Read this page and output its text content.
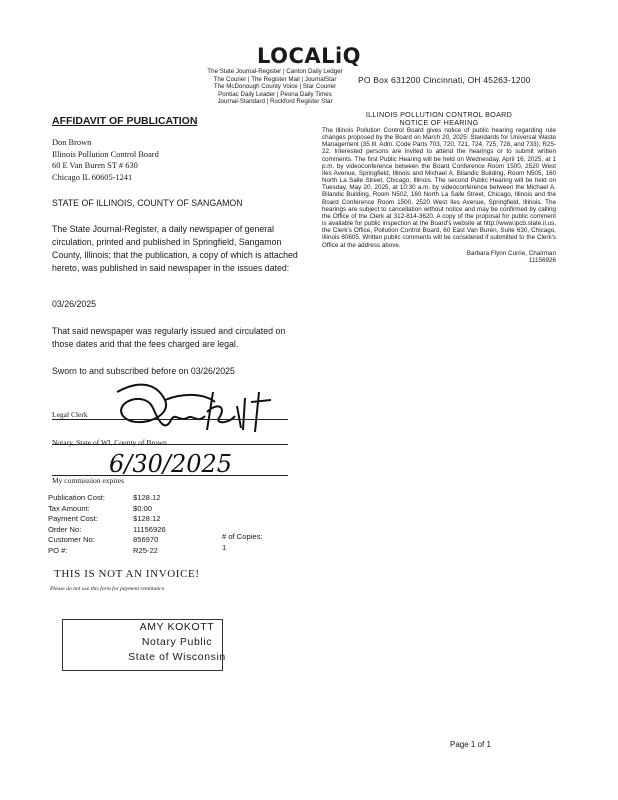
LOCALiQ
The State Journal-Register | Canton Daily Ledger
The Courier | The Register Mail | JournalStar
The McDonough County Voice | Star Courier
Pontiac Daily Leader | Peoria Daily Times
Journal-Standard | Rockford Register Star
PO Box 631200 Cincinnati, OH 45263-1200
AFFIDAVIT OF PUBLICATION
Don Brown
Illinois Pollution Control Board
60 E Van Buren ST # 630
Chicago IL 60605-1241
STATE OF ILLINOIS, COUNTY OF SANGAMON
The State Journal-Register, a daily newspaper of general circulation, printed and published in Springfield, Sangamon County, Illinois; that the publication, a copy of which is attached hereto, was published in said newspaper in the issues dated:
03/26/2025
That said newspaper was regularly issued and circulated on those dates and that the fees charged are legal.
Sworn to and subscribed before on 03/26/2025
6/30/2025
Legal Clerk
Notary, State of WI, County of Brown
My commission expires
Publication Cost:	$128.12
Tax Amount:	$0.00
Payment Cost:	$128.12
Order No:	11156926
Customer No:	856970
PO #:	R25-22
# of Copies:
1
THIS IS NOT AN INVOICE!
Please do not use this form for payment remittance.
AMY KOKOTT
Notary Public
State of Wisconsin
ILLINOIS POLLUTION CONTROL BOARD
NOTICE OF HEARING
The Illinois Pollution Control Board gives notice of public hearing regarding rule changes proposed by the Board on March 20, 2025: Standards for Universal Waste Management (35 Ill. Adm. Code Parts 703, 720, 721, 724, 725, 728, and 733), R25-22. Interested persons are invited to attend the hearings or to submit written comments. The first Public Hearing will be held on Wednesday, April 16, 2025, at 1 p.m. by videoconference between the Board Conference Room 1500, 2520 West Iles Avenue, Springfield, Illinois and Michael A. Bilandic Building, Room N505, 160 North La Salle Street, Chicago, Illinois. The second Public Hearing will be held on Tuesday, May 20, 2025, at 10:30 a.m. by videoconference between the Michael A. Bilandic Building, Room N502, 160 North La Salle Street, Chicago, Illinois and the Board Conference Room 1500, 2520 West Iles Avenue, Springfield, Illinois. The hearings are subject to cancellation without notice and may be confirmed by calling the Office of the Clerk at 312-814-3620. A copy of the proposal for public comment is available for public inspection at the Board's website at http://www.ipcb.state.il.us, the Clerk's Office, Pollution Control Board, 60 East Van Buren, Suite 630, Chicago, Illinois 60605. Written public comments will be considered if submitted to the Clerk's Office at the address above.
Barbara Flynn Currie, Chairman
11156926
Page 1 of 1
